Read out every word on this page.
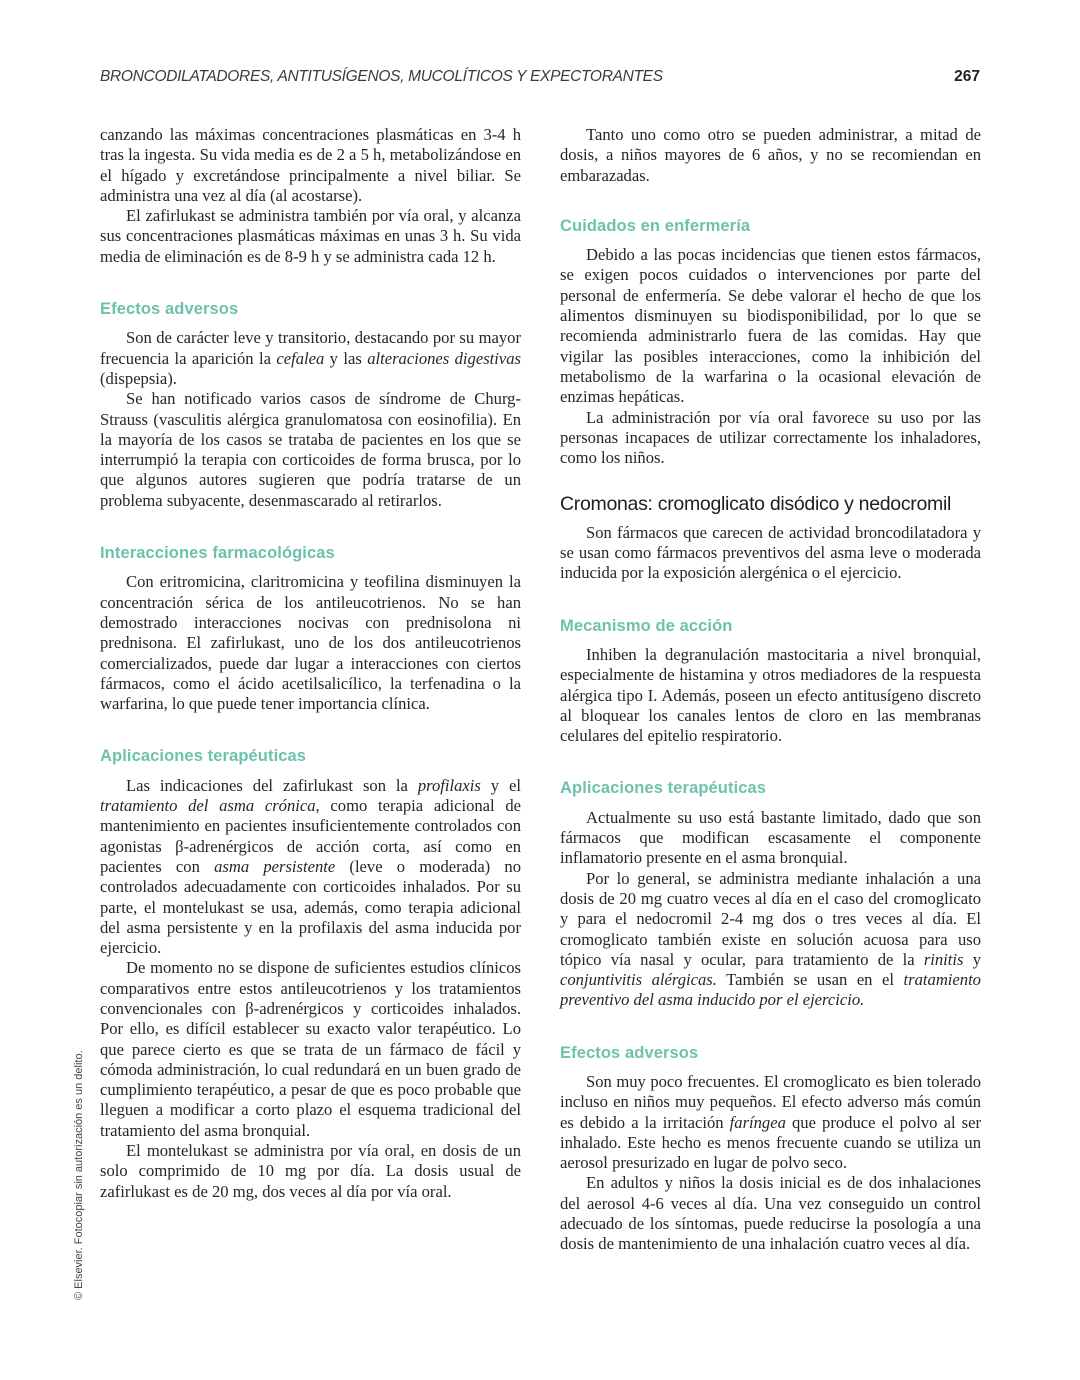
BRONCODILATADORES, ANTITUSÍGENOS, MUCOLÍTICOS Y EXPECTORANTES	267
© Elsevier. Fotocopiar sin autorización es un delito.

canzando las máximas concentraciones plasmáticas en 3-4 h tras la ingesta. Su vida media es de 2 a 5 h, metabolizándose en el hígado y excretándose principalmente a nivel biliar. Se administra una vez al día (al acostarse).

El zafirlukast se administra también por vía oral, y alcanza sus concentraciones plasmáticas máximas en unas 3 h. Su vida media de eliminación es de 8-9 h y se administra cada 12 h.

Efectos adversos

Son de carácter leve y transitorio, destacando por su mayor frecuencia la aparición la cefalea y las alteraciones digestivas (dispepsia).

Se han notificado varios casos de síndrome de Churg-Strauss (vasculitis alérgica granulomatosa con eosinofilia). En la mayoría de los casos se trataba de pacientes en los que se interrumpió la terapia con corticoides de forma brusca, por lo que algunos autores sugieren que podría tratarse de un problema subyacente, desenmascarado al retirarlos.

Interacciones farmacológicas

Con eritromicina, claritromicina y teofilina disminuyen la concentración sérica de los antileucotrienos. No se han demostrado interacciones nocivas con prednisolona ni prednisona. El zafirlukast, uno de los dos antileucotrienos comercializados, puede dar lugar a interacciones con ciertos fármacos, como el ácido acetilsalicílico, la terfenadina o la warfarina, lo que puede tener importancia clínica.

Aplicaciones terapéuticas

Las indicaciones del zafirlukast son la profilaxis y el tratamiento del asma crónica, como terapia adicional de mantenimiento en pacientes insuficientemente controlados con agonistas β-adrenérgicos de acción corta, así como en pacientes con asma persistente (leve o moderada) no controlados adecuadamente con corticoides inhalados. Por su parte, el montelukast se usa, además, como terapia adicional del asma persistente y en la profilaxis del asma inducida por ejercicio.

De momento no se dispone de suficientes estudios clínicos comparativos entre estos antileucotrienos y los tratamientos convencionales con β-adrenérgicos y corticoides inhalados. Por ello, es difícil establecer su exacto valor terapéutico. Lo que parece cierto es que se trata de un fármaco de fácil y cómoda administración, lo cual redundará en un buen grado de cumplimiento terapéutico, a pesar de que es poco probable que lleguen a modificar a corto plazo el esquema tradicional del tratamiento del asma bronquial.

El montelukast se administra por vía oral, en dosis de un solo comprimido de 10 mg por día. La dosis usual de zafirlukast es de 20 mg, dos veces al día por vía oral.

Tanto uno como otro se pueden administrar, a mitad de dosis, a niños mayores de 6 años, y no se recomiendan en embarazadas.

Cuidados en enfermería

Debido a las pocas incidencias que tienen estos fármacos, se exigen pocos cuidados o intervenciones por parte del personal de enfermería. Se debe valorar el hecho de que los alimentos disminuyen su biodisponibilidad, por lo que se recomienda administrarlo fuera de las comidas. Hay que vigilar las posibles interacciones, como la inhibición del metabolismo de la warfarina o la ocasional elevación de enzimas hepáticas.

La administración por vía oral favorece su uso por las personas incapaces de utilizar correctamente los inhaladores, como los niños.

Cromonas: cromoglicato disódico y nedocromil

Son fármacos que carecen de actividad broncodilatadora y se usan como fármacos preventivos del asma leve o moderada inducida por la exposición alergénica o el ejercicio.

Mecanismo de acción

Inhiben la degranulación mastocitaria a nivel bronquial, especialmente de histamina y otros mediadores de la respuesta alérgica tipo I. Además, poseen un efecto antitusígeno discreto al bloquear los canales lentos de cloro en las membranas celulares del epitelio respiratorio.

Aplicaciones terapéuticas

Actualmente su uso está bastante limitado, dado que son fármacos que modifican escasamente el componente inflamatorio presente en el asma bronquial.

Por lo general, se administra mediante inhalación a una dosis de 20 mg cuatro veces al día en el caso del cromoglicato y para el nedocromil 2-4 mg dos o tres veces al día. El cromoglicato también existe en solución acuosa para uso tópico vía nasal y ocular, para tratamiento de la rinitis y conjuntivitis alérgicas. También se usan en el tratamiento preventivo del asma inducido por el ejercicio.

Efectos adversos

Son muy poco frecuentes. El cromoglicato es bien tolerado incluso en niños muy pequeños. El efecto adverso más común es debido a la irritación faríngea que produce el polvo al ser inhalado. Este hecho es menos frecuente cuando se utiliza un aerosol presurizado en lugar de polvo seco.

En adultos y niños la dosis inicial es de dos inhalaciones del aerosol 4-6 veces al día. Una vez conseguido un control adecuado de los síntomas, puede reducirse la posología a una dosis de mantenimiento de una inhalación cuatro veces al día.
